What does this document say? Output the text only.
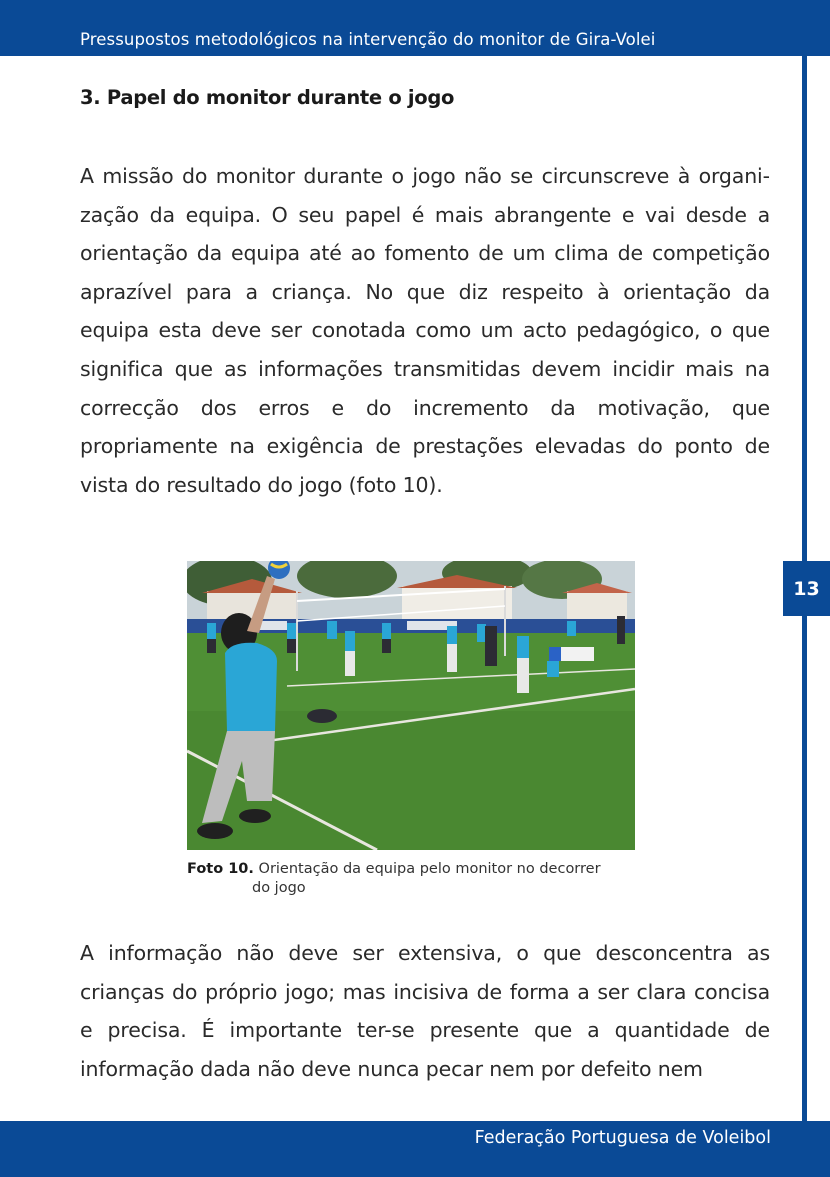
Pressupostos metodológicos na intervenção do monitor de Gira-Volei
13
3. Papel do monitor durante o jogo

A missão do monitor durante o jogo não se circunscreve à organização da equipa. O seu papel é mais abrangente e vai desde a orientação da equipa até ao fomento de um clima de competição aprazível para a criança. No que diz respeito à orientação da equipa esta deve ser conotada como um acto pedagógico, o que significa que as informações transmitidas devem incidir mais na correcção dos erros e do incremento da motivação, que propriamente na exigência de prestações elevadas do ponto de vista do resultado do jogo (foto 10).

Foto 10. Orientação da equipa pelo monitor no decorrer
do jogo

A informação não deve ser extensiva, o que desconcentra as crianças do próprio jogo; mas incisiva de forma a ser clara concisa e precisa. É importante ter-se presente que a quantidade de informação dada não deve nunca pecar nem por defeito nem

Federação Portuguesa de Voleibol
